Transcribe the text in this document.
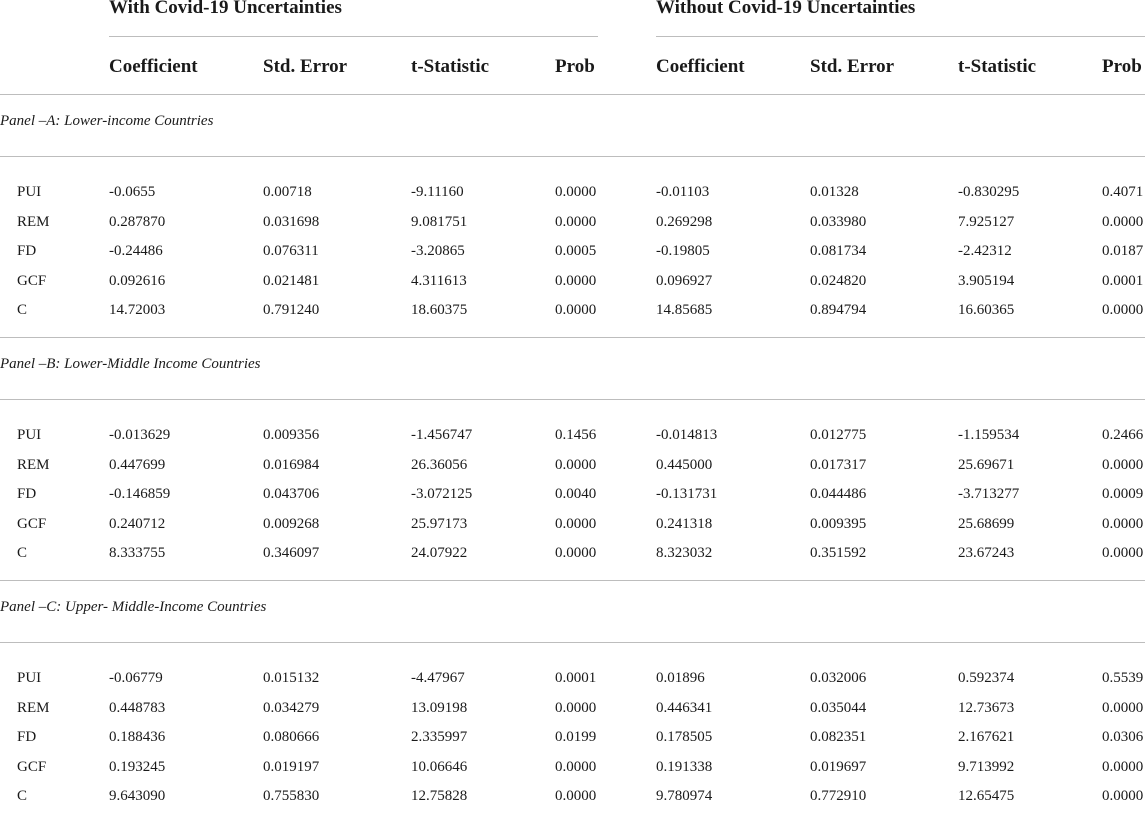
With Covid-19 Uncertainties	Without Covid-19 Uncertainties
Coefficient	Std. Error	t-Statistic	Prob	Coefficient	Std. Error	t-Statistic	Prob
Panel –A: Lower-income Countries
PUI	-0.0655	0.00718	-9.11160	0.0000	-0.01103	0.01328	-0.830295	0.4071
REM	0.287870	0.031698	9.081751	0.0000	0.269298	0.033980	7.925127	0.0000
FD	-0.24486	0.076311	-3.20865	0.0005	-0.19805	0.081734	-2.42312	0.0187
GCF	0.092616	0.021481	4.311613	0.0000	0.096927	0.024820	3.905194	0.0001
C	14.72003	0.791240	18.60375	0.0000	14.85685	0.894794	16.60365	0.0000
Panel –B: Lower-Middle Income Countries
PUI	-0.013629	0.009356	-1.456747	0.1456	-0.014813	0.012775	-1.159534	0.2466
REM	0.447699	0.016984	26.36056	0.0000	0.445000	0.017317	25.69671	0.0000
FD	-0.146859	0.043706	-3.072125	0.0040	-0.131731	0.044486	-3.713277	0.0009
GCF	0.240712	0.009268	25.97173	0.0000	0.241318	0.009395	25.68699	0.0000
C	8.333755	0.346097	24.07922	0.0000	8.323032	0.351592	23.67243	0.0000
Panel –C: Upper- Middle-Income Countries
PUI	-0.06779	0.015132	-4.47967	0.0001	0.01896	0.032006	0.592374	0.5539
REM	0.448783	0.034279	13.09198	0.0000	0.446341	0.035044	12.73673	0.0000
FD	0.188436	0.080666	2.335997	0.0199	0.178505	0.082351	2.167621	0.0306
GCF	0.193245	0.019197	10.06646	0.0000	0.191338	0.019697	9.713992	0.0000
C	9.643090	0.755830	12.75828	0.0000	9.780974	0.772910	12.65475	0.0000
